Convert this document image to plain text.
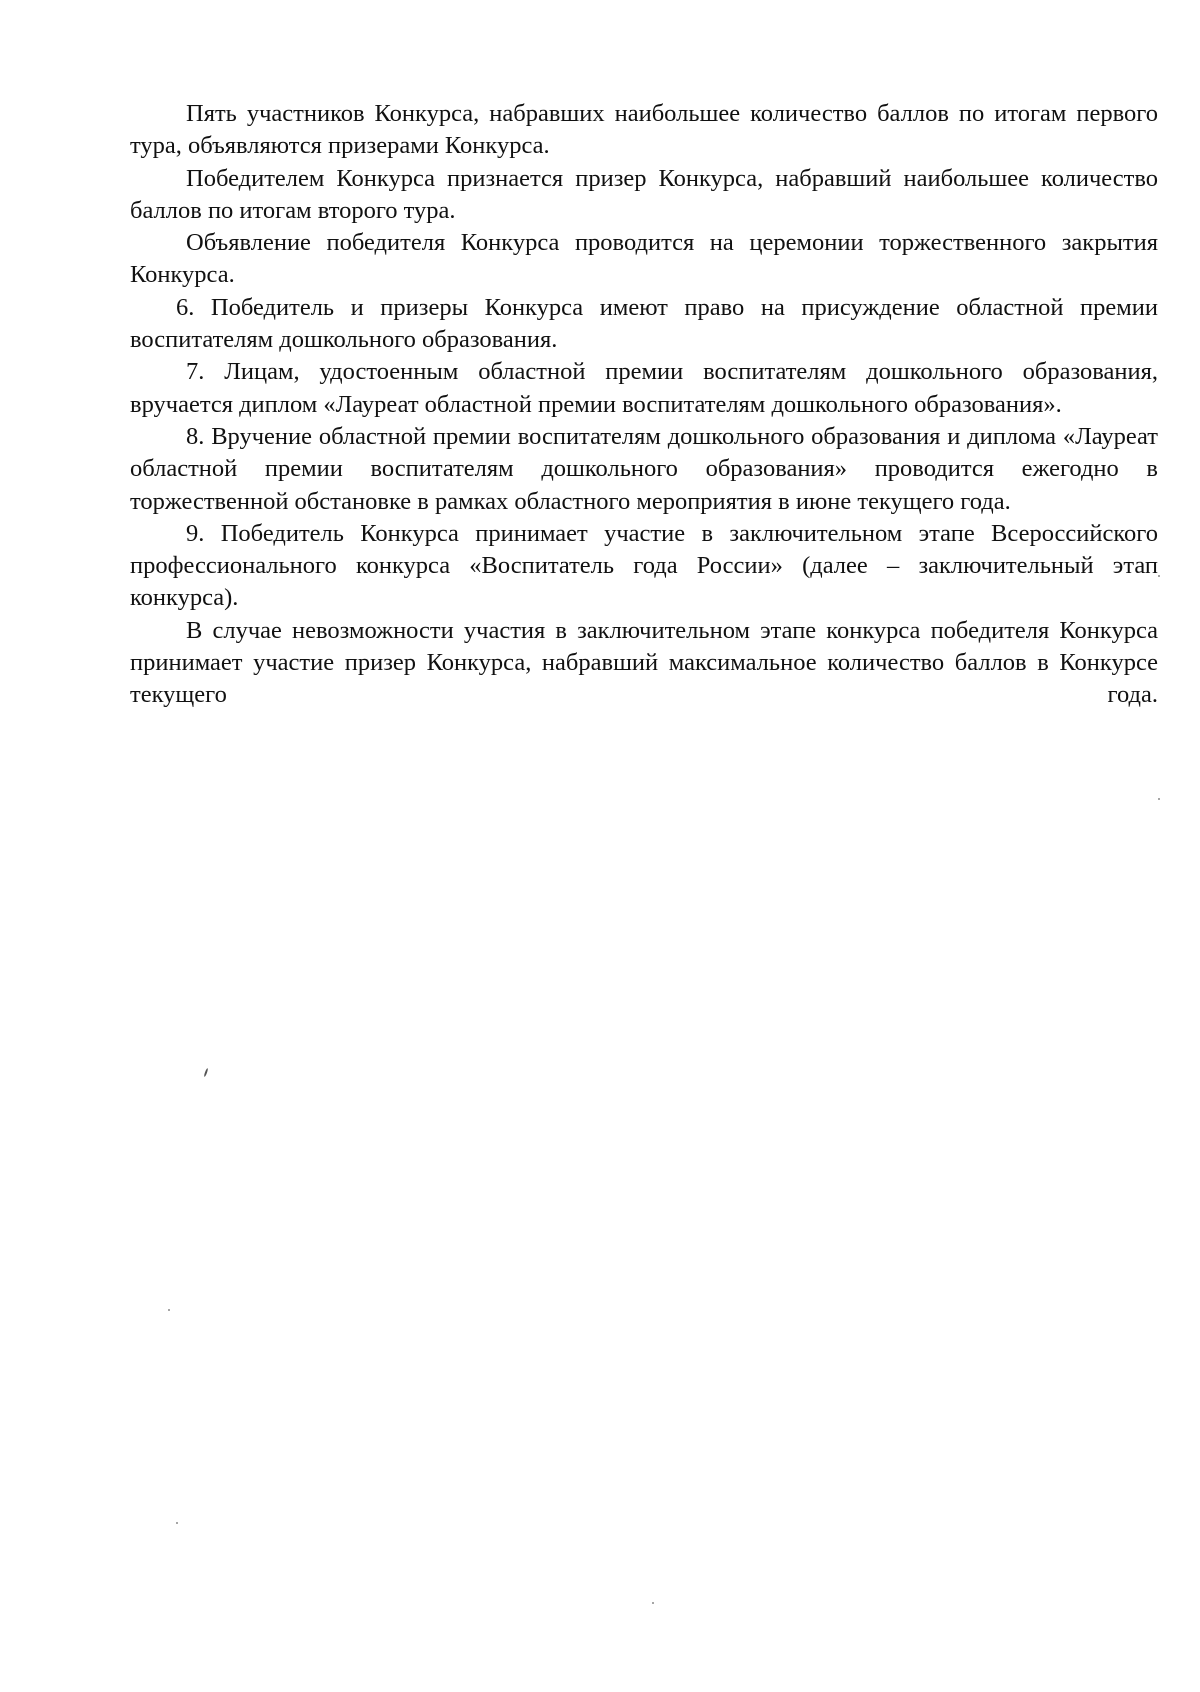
Пять участников Конкурса, набравших наибольшее количество баллов по итогам первого тура, объявляются призерами Конкурса.

Победителем Конкурса признается призер Конкурса, набравший наибольшее количество баллов по итогам второго тура.

Объявление победителя Конкурса проводится на церемонии торжественного закрытия Конкурса.

6. Победитель и призеры Конкурса имеют право на присуждение областной премии воспитателям дошкольного образования.

7. Лицам, удостоенным областной премии воспитателям дошкольного образования, вручается диплом «Лауреат областной премии воспитателям дошкольного образования».

8. Вручение областной премии воспитателям дошкольного образования и диплома «Лауреат областной премии воспитателям дошкольного образования» проводится ежегодно в торжественной обстановке в рамках областного мероприятия в июне текущего года.

9. Победитель Конкурса принимает участие в заключительном этапе Всероссийского профессионального конкурса «Воспитатель года России» (далее – заключительный этап конкурса).

В случае невозможности участия в заключительном этапе конкурса победителя Конкурса принимает участие призер Конкурса, набравший максимальное количество баллов в Конкурсе текущего года.
